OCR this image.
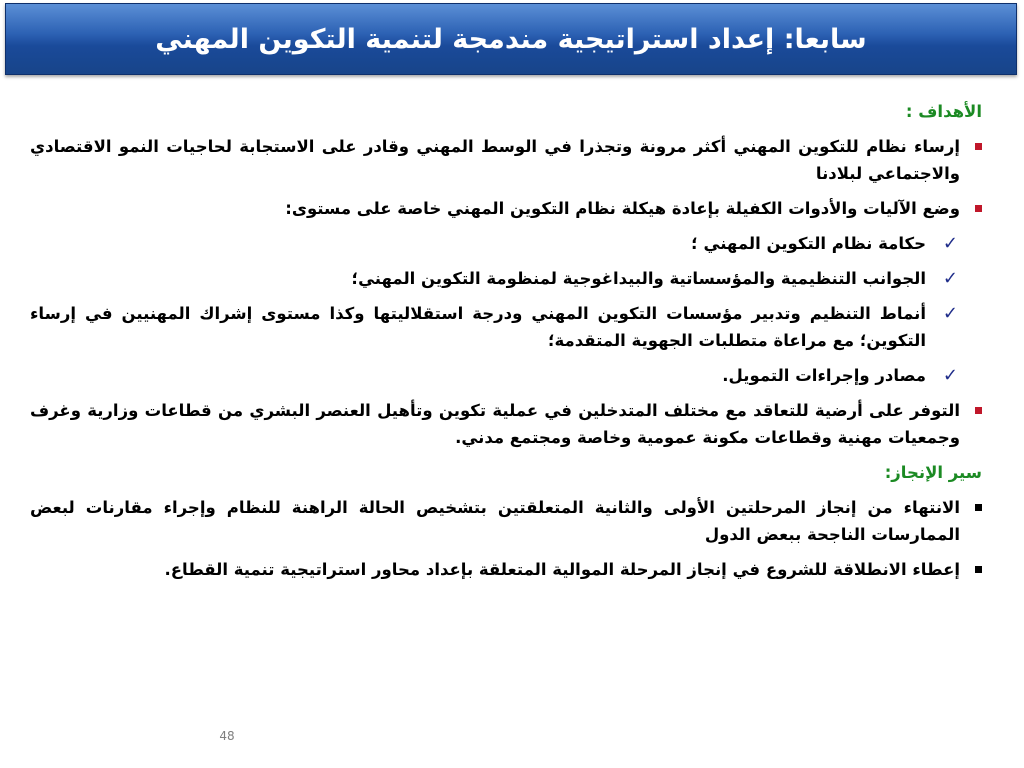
سابعا: إعداد استراتيجية مندمجة لتنمية التكوين المهني
الأهداف :
إرساء نظام للتكوين المهني أكثر مرونة وتجذرا في الوسط المهني وقادر على الاستجابة لحاجيات النمو الاقتصادي والاجتماعي لبلادنا
وضع الآليات والأدوات الكفيلة بإعادة هيكلة نظام التكوين المهني خاصة على مستوى:
✓
حكامة نظام التكوين المهني ؛
✓
الجوانب التنظيمية والمؤسساتية والبيداغوجية لمنظومة التكوين المهني؛
✓
أنماط التنظيم وتدبير مؤسسات التكوين المهني ودرجة استقلاليتها وكذا مستوى إشراك المهنيين في إرساء التكوين؛ مع مراعاة متطلبات الجهوية المتقدمة؛
✓
مصادر وإجراءات التمويل.
التوفر على أرضية للتعاقد مع مختلف المتدخلين في عملية تكوين وتأهيل العنصر البشري من قطاعات وزارية وغرف وجمعيات مهنية وقطاعات مكونة عمومية وخاصة ومجتمع مدني.
سير الإنجاز:
الانتهاء من إنجاز المرحلتين الأولى والثانية المتعلقتين بتشخيص الحالة الراهنة للنظام وإجراء مقارنات لبعض الممارسات الناجحة ببعض الدول
إعطاء الانطلاقة للشروع في إنجاز المرحلة الموالية المتعلقة بإعداد محاور استراتيجية تنمية القطاع.
48
